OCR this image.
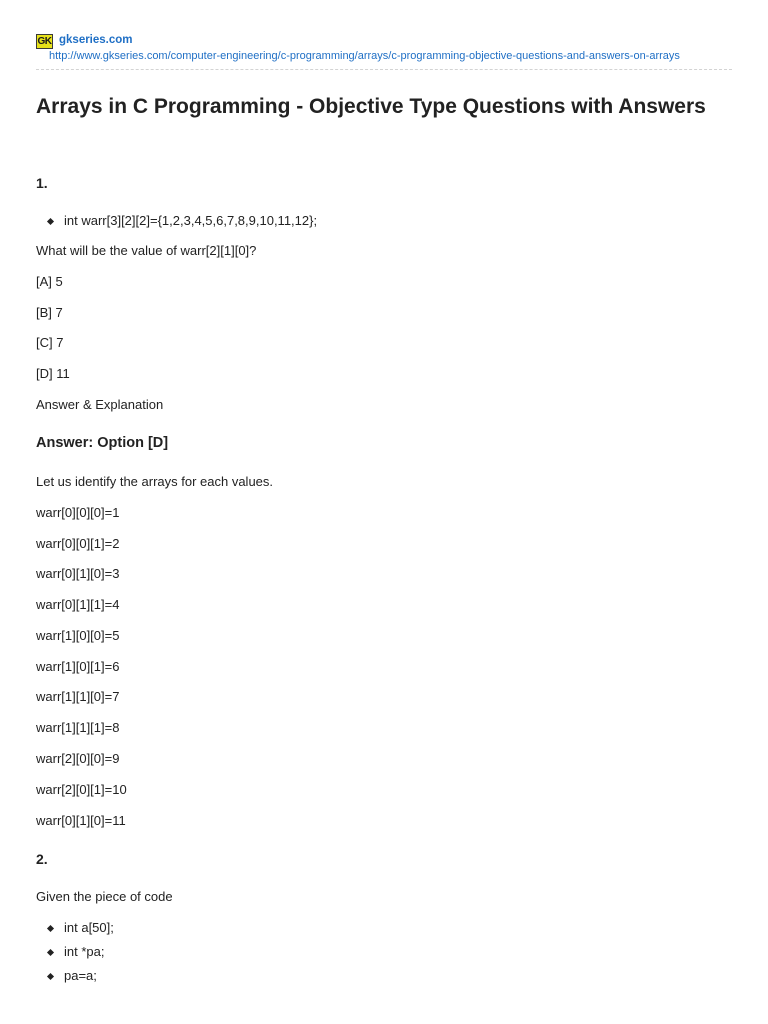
GK gkseries.com
http://www.gkseries.com/computer-engineering/c-programming/arrays/c-programming-objective-questions-and-answers-on-arrays
Arrays in C Programming - Objective Type Questions with Answers
1.
int warr[3][2][2]={1,2,3,4,5,6,7,8,9,10,11,12};

What will be the value of warr[2][1][0]?

[A] 5

[B] 7

[C] 7

[D] 11

Answer & Explanation

Answer: Option [D]

Let us identify the arrays for each values.

warr[0][0][0]=1

warr[0][0][1]=2

warr[0][1][0]=3

warr[0][1][1]=4

warr[1][0][0]=5

warr[1][0][1]=6

warr[1][1][0]=7

warr[1][1][1]=8

warr[2][0][0]=9

warr[2][0][1]=10

warr[0][1][0]=11

2.

Given the piece of code

int a[50];
int *pa;
pa=a;
